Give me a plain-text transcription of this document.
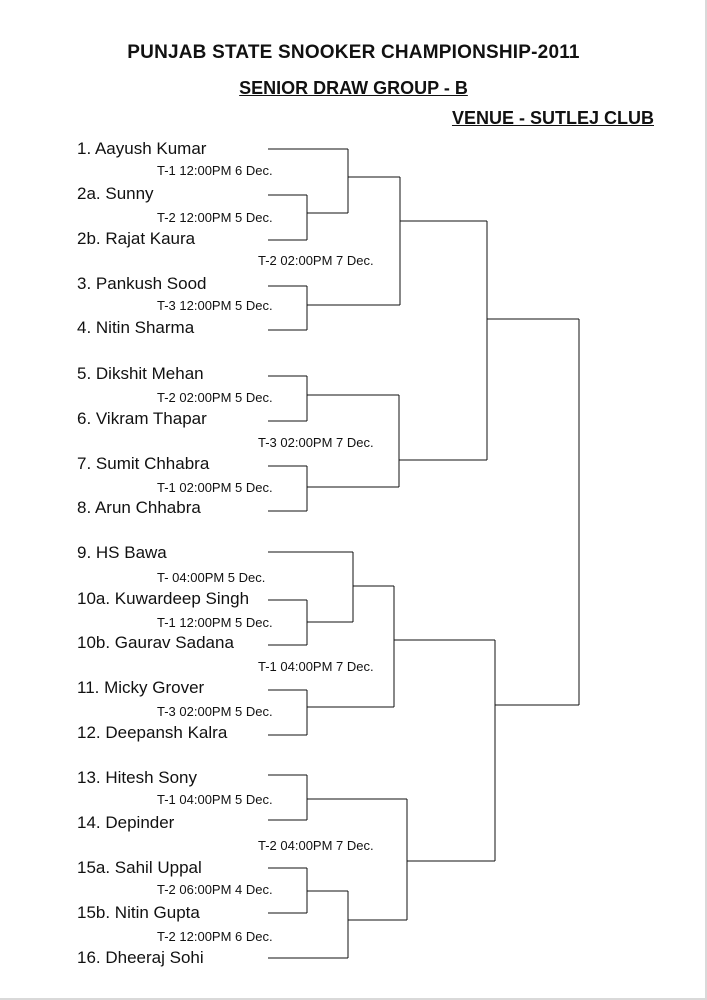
PUNJAB STATE SNOOKER CHAMPIONSHIP-2011
SENIOR DRAW GROUP - B
VENUE - SUTLEJ CLUB
1. Aayush Kumar
2a. Sunny
2b. Rajat Kaura
3. Pankush Sood
4. Nitin Sharma
5. Dikshit Mehan
6. Vikram Thapar
7. Sumit Chhabra
8. Arun Chhabra
9. HS Bawa
10a. Kuwardeep Singh
10b. Gaurav Sadana
11. Micky Grover
12. Deepansh Kalra
13. Hitesh Sony
14. Depinder
15a. Sahil Uppal
15b. Nitin Gupta
16. Dheeraj Sohi
T-1 12:00PM 6 Dec.
T-2 12:00PM 5 Dec.
T-2 02:00PM 7 Dec.
T-3 12:00PM 5 Dec.
T-2 02:00PM 5 Dec.
T-3 02:00PM 7 Dec.
T-1 02:00PM 5 Dec.
T- 04:00PM 5 Dec.
T-1 12:00PM 5 Dec.
T-1 04:00PM 7 Dec.
T-3 02:00PM 5 Dec.
T-1 04:00PM 5 Dec.
T-2 04:00PM 7 Dec.
T-2 06:00PM 4 Dec.
T-2 12:00PM 6 Dec.
